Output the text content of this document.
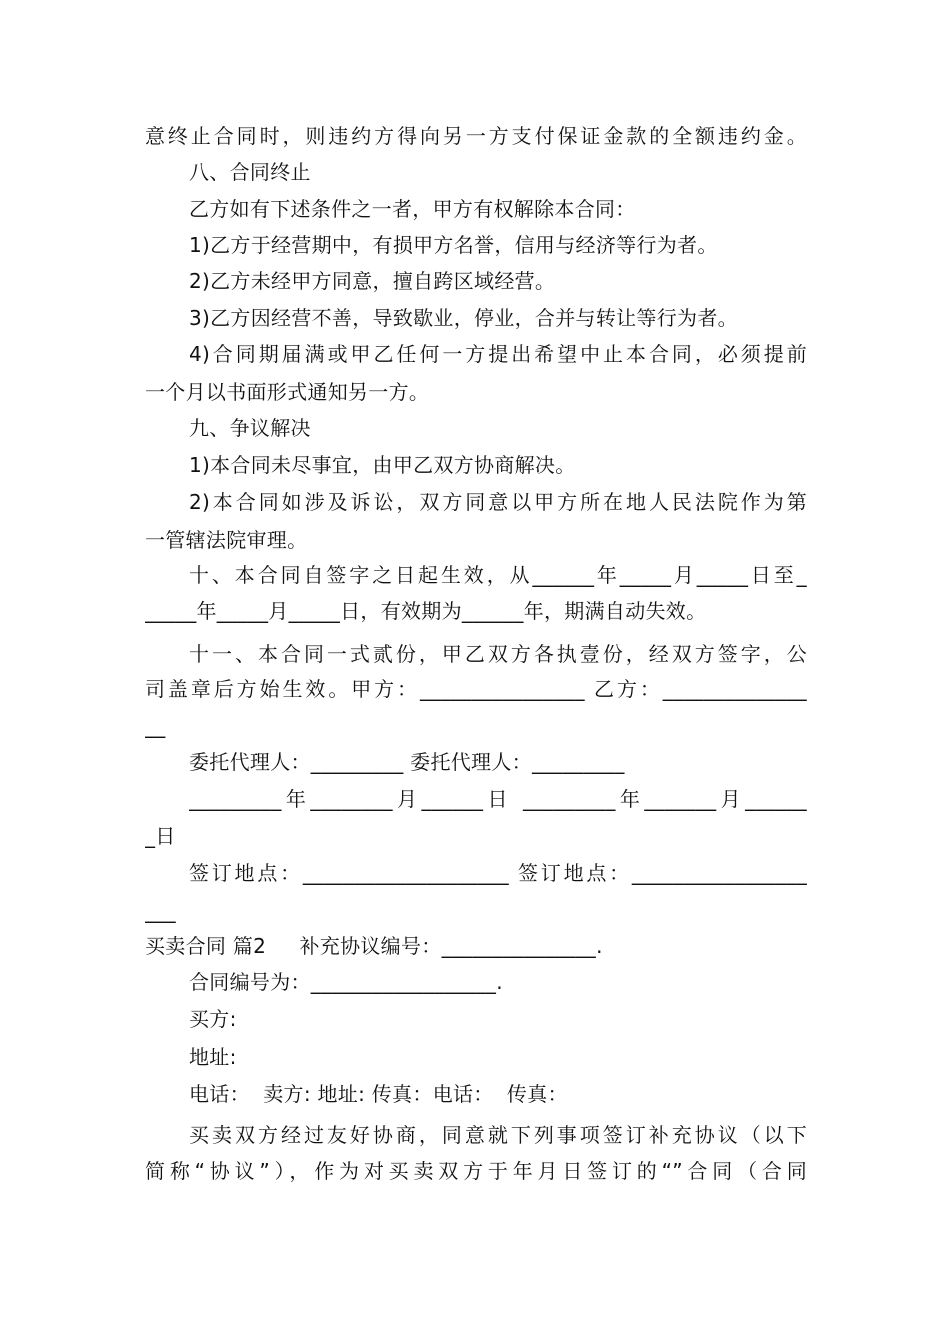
意终止合同时，则违约方得向另一方支付保证金款的全额违约金。
八、合同终止
乙方如有下述条件之一者，甲方有权解除本合同：
1)乙方于经营期中，有损甲方名誉，信用与经济等行为者。
2)乙方未经甲方同意，擅自跨区域经营。
3)乙方因经营不善，导致歇业，停业，合并与转让等行为者。
4)合同期届满或甲乙任何一方提出希望中止本合同，必须提前
一个月以书面形式通知另一方。
九、争议解决
1)本合同未尽事宜，由甲乙双方协商解决。
2)本合同如涉及诉讼，双方同意以甲方所在地人民法院作为第
一管辖法院审理。
十、本合同自签字之日起生效，从______年_____月_____日至_
_____年_____月_____日，有效期为______年，期满自动失效。
十一、本合同一式贰份，甲乙双方各执壹份，经双方签字，公
司盖章后方始生效。甲方：________________ 乙方：______________
__
委托代理人：_________ 委托代理人：_________
_________年________月______日 _________年_______月______
_日
签订地点：____________________ 签订地点：_________________
___
买卖合同 篇2     补充协议编号：_______________.
合同编号为：__________________.
买方:
地址:
电话：  卖方: 地址: 传真：电话：  传真：
买卖双方经过友好协商，同意就下列事项签订补充协议（以下
简称“协议”），作为对买卖双方于年月日签订的“”合同（合同
